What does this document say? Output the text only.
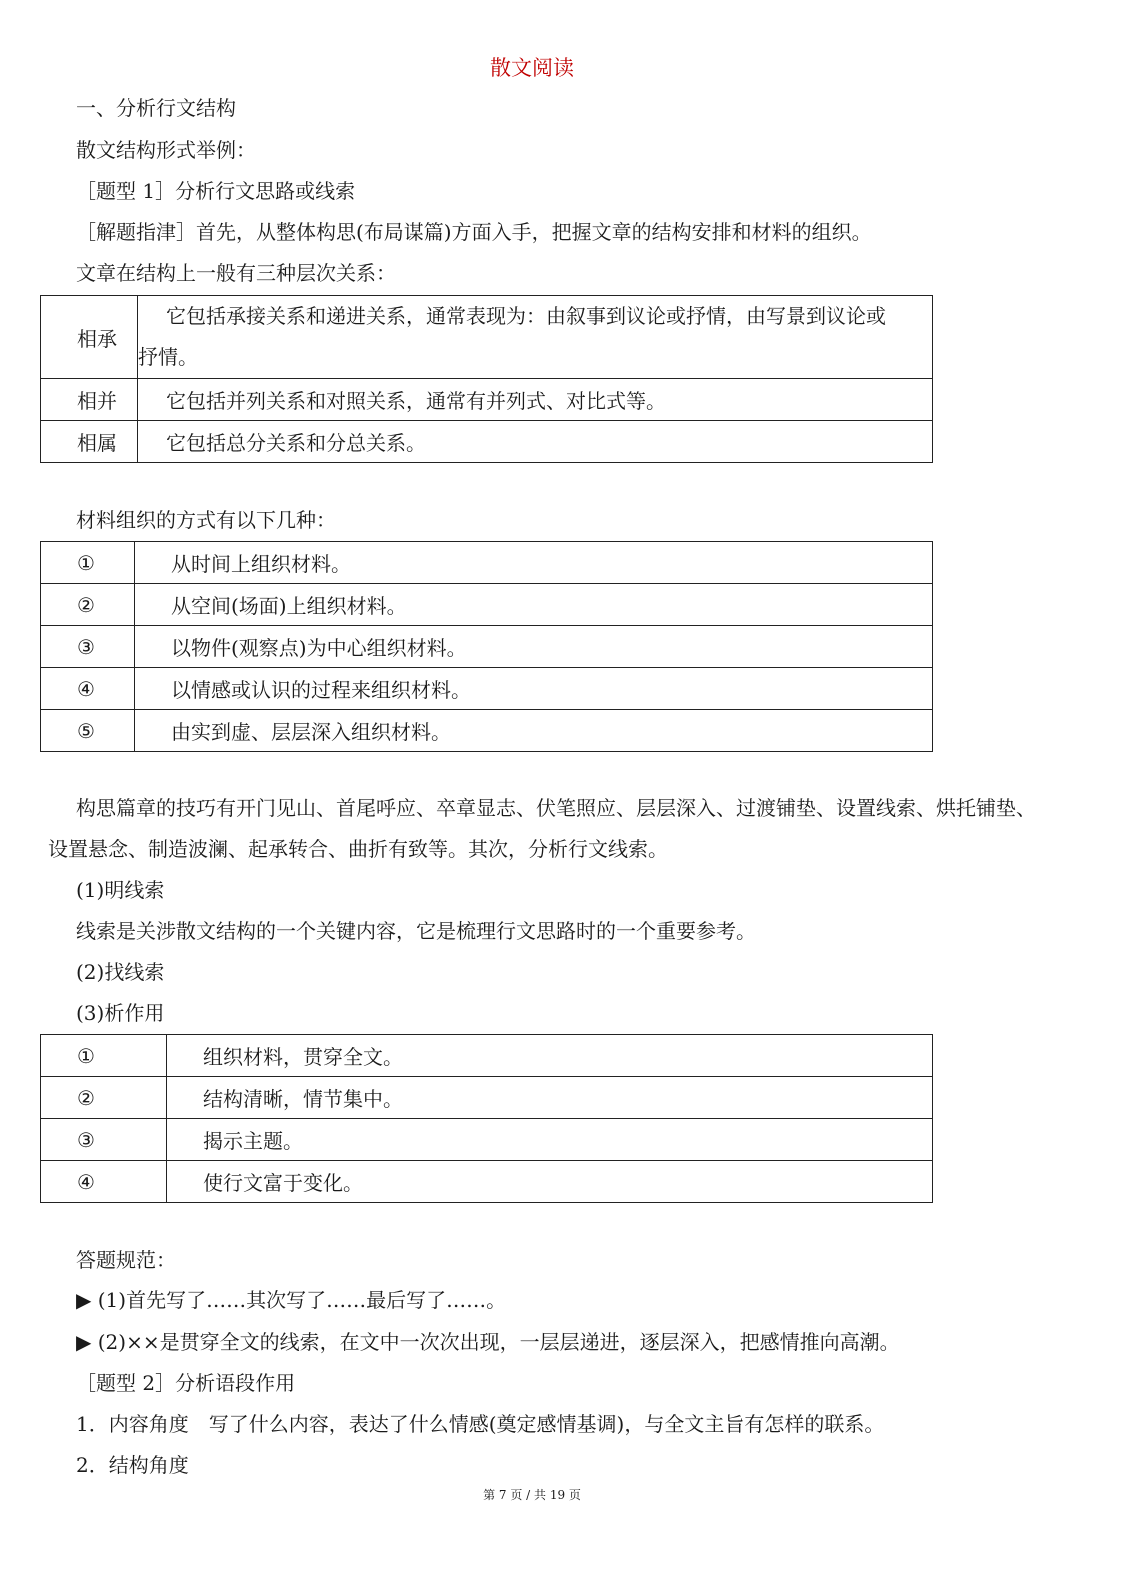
散文阅读
一、分析行文结构
散文结构形式举例：
［题型 1］分析行文思路或线索
［解题指津］首先，从整体构思(布局谋篇)方面入手，把握文章的结构安排和材料的组织。
文章在结构上一般有三种层次关系：
相承	它包括承接关系和递进关系，通常表现为：由叙事到议论或抒情，由写景到议论或
抒情。

相并	它包括并列关系和对照关系，通常有并列式、对比式等。
相属	它包括总分关系和分总关系。
材料组织的方式有以下几种：
①	从时间上组织材料。
②	从空间(场面)上组织材料。
③	以物件(观察点)为中心组织材料。
④	以情感或认识的过程来组织材料。
⑤	由实到虚、层层深入组织材料。
构思篇章的技巧有开门见山、首尾呼应、卒章显志、伏笔照应、层层深入、过渡铺垫、设置线索、烘托铺垫、
设置悬念、制造波澜、起承转合、曲折有致等。其次，分析行文线索。
(1)明线索
线索是关涉散文结构的一个关键内容，它是梳理行文思路时的一个重要参考。
(2)找线索
(3)析作用
①	组织材料，贯穿全文。
②	结构清晰，情节集中。
③	揭示主题。
④	使行文富于变化。
答题规范：
▶ (1)首先写了……其次写了……最后写了……。
▶ (2)××是贯穿全文的线索，在文中一次次出现，一层层递进，逐层深入，把感情推向高潮。
［题型 2］分析语段作用
1．内容角度　写了什么内容，表达了什么情感(奠定感情基调)，与全文主旨有怎样的联系。
2．结构角度
第 7 页 / 共 19 页
